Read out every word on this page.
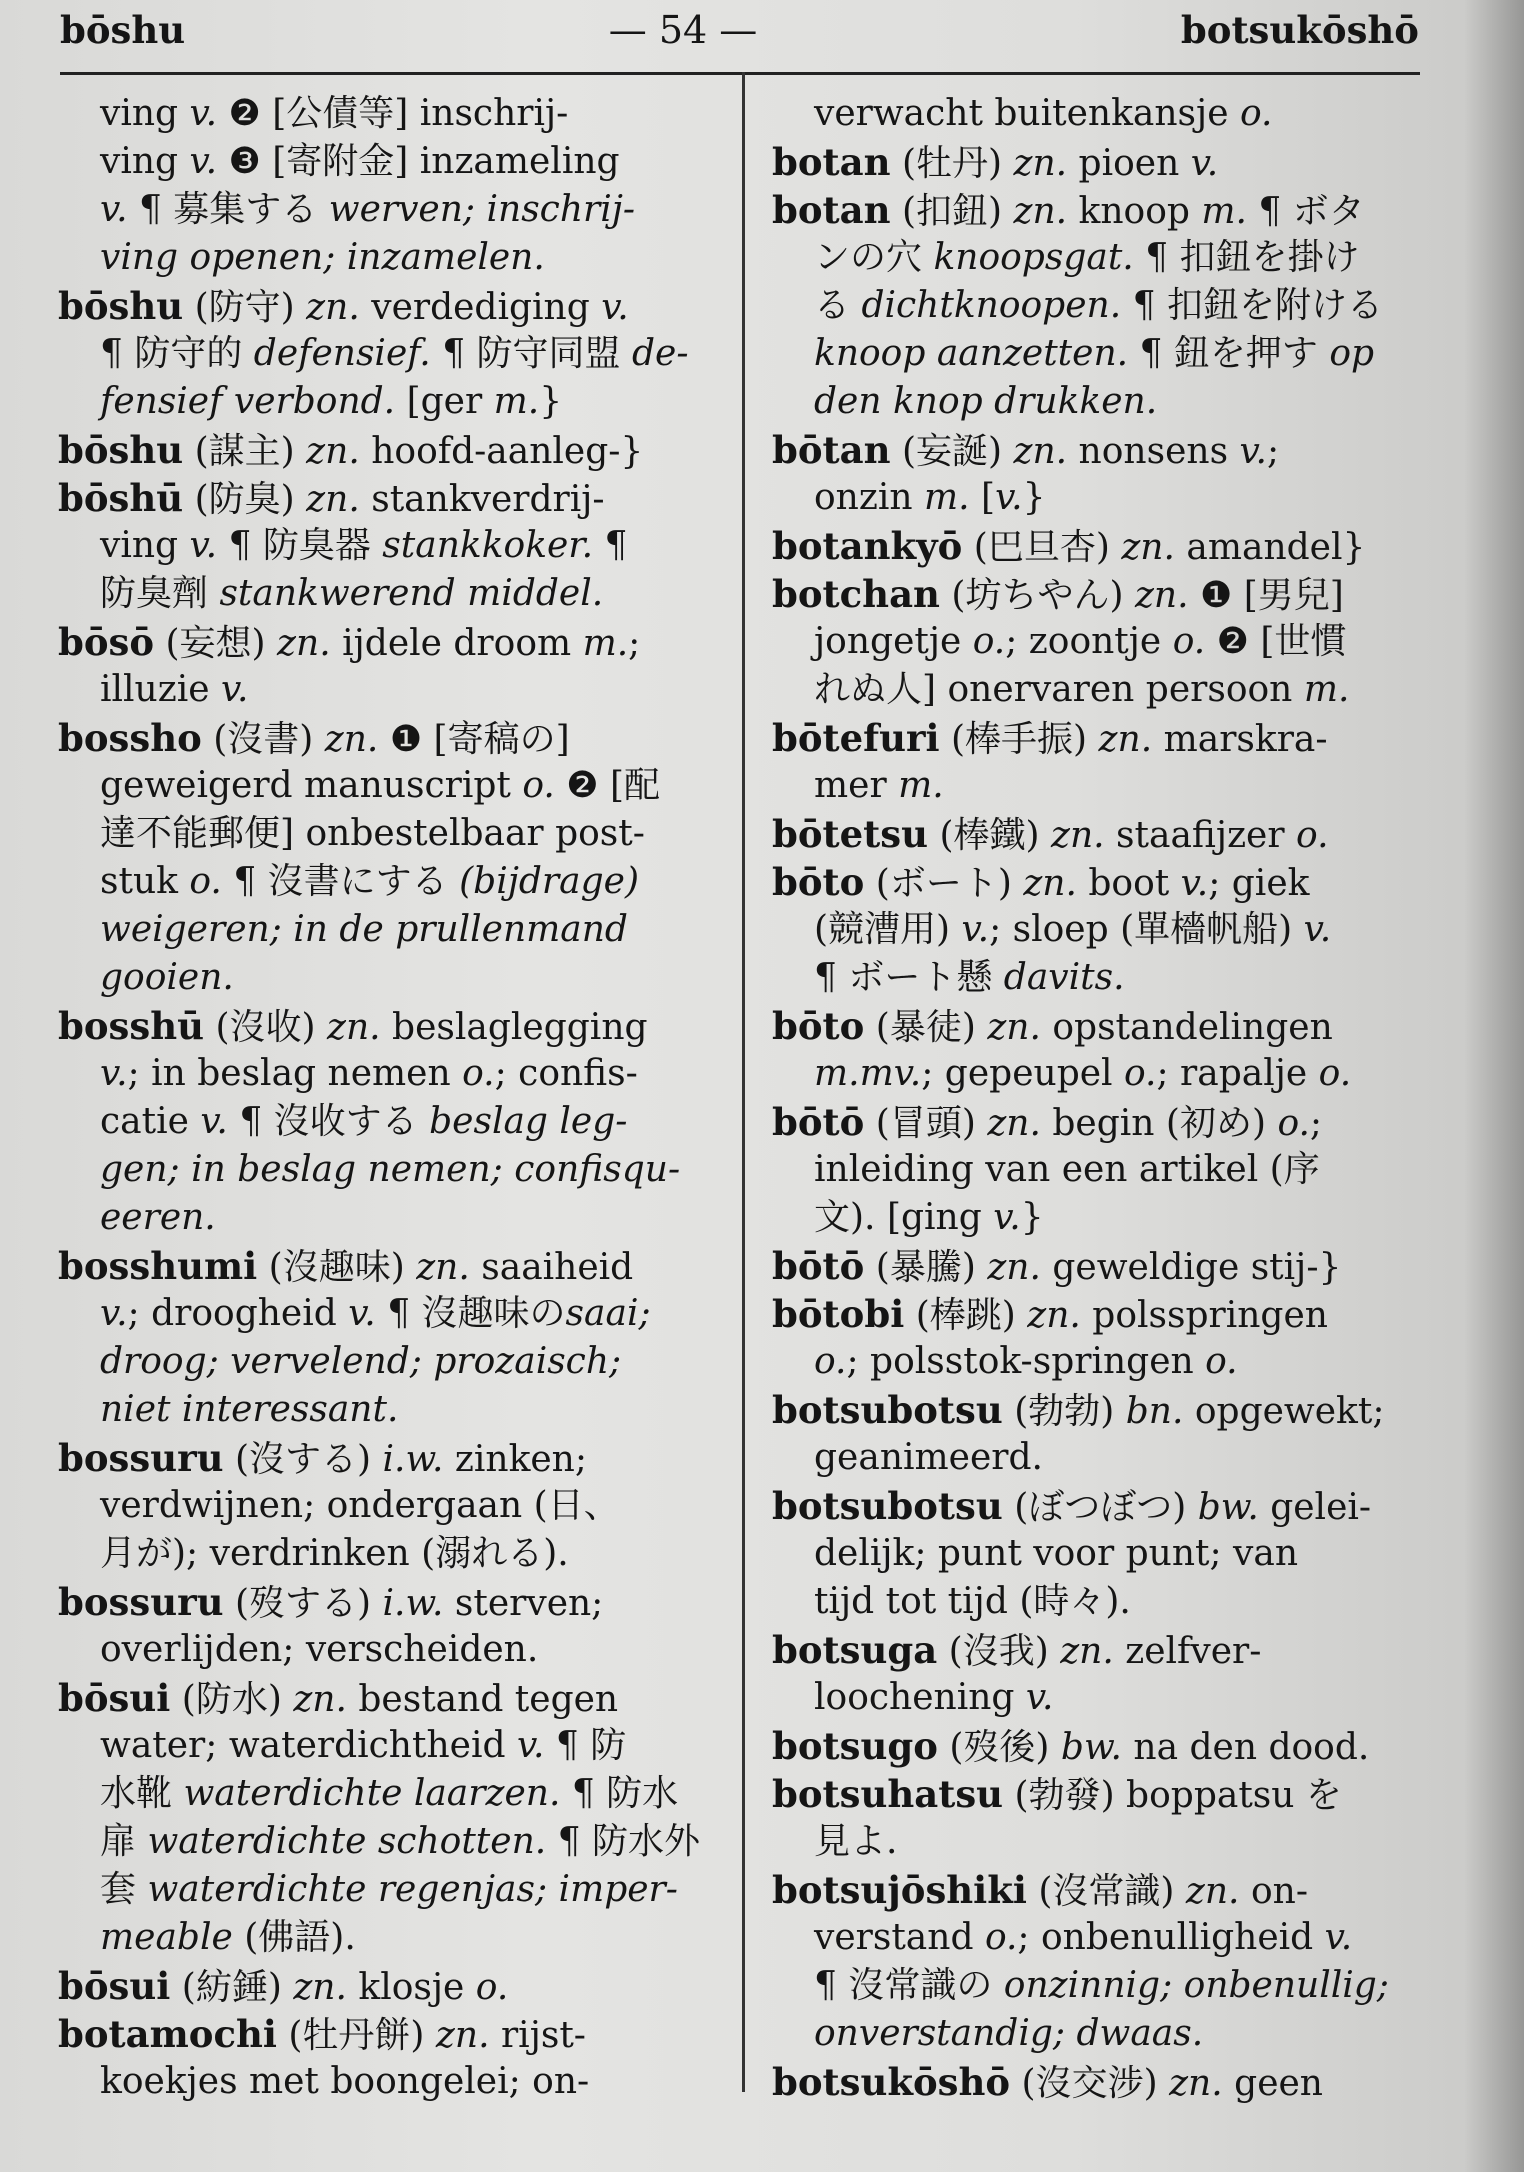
bōshu	— 54 —	botsukōshō
ving v. ❷ [公債等] inschrij-
ving v. ❸ [寄附金] inzameling
v. ¶ 募集する werven; inschrij-
ving openen; inzamelen.
bōshu (防守) zn. verdediging v.
¶ 防守的 defensief. ¶ 防守同盟 de-
fensief verbond. [ger m.}
bōshu (謀主) zn. hoofd-aanleg-}
bōshū (防臭) zn. stankverdrij-
ving v. ¶ 防臭器 stankkoker. ¶
防臭劑 stankwerend middel.
bōsō (妄想) zn. ijdele droom m.;
illuzie v.
bossho (沒書) zn. ❶ [寄稿の]
geweigerd manuscript o. ❷ [配
達不能郵便] onbestelbaar post-
stuk o. ¶ 沒書にする (bijdrage)
weigeren; in de prullenmand
gooien.
bosshū (沒收) zn. beslaglegging
v.; in beslag nemen o.; confis-
catie v. ¶ 沒收する beslag leg-
gen; in beslag nemen; confisqu-
eeren.
bosshumi (沒趣味) zn. saaiheid
v.; droogheid v. ¶ 沒趣味のsaai;
droog; vervelend; prozaisch;
niet interessant.
bossuru (沒する) i.w. zinken;
verdwijnen; ondergaan (日、
月が); verdrinken (溺れる).
bossuru (歿する) i.w. sterven;
overlijden; verscheiden.
bōsui (防水) zn. bestand tegen
water; waterdichtheid v. ¶ 防
水靴 waterdichte laarzen. ¶ 防水
扉 waterdichte schotten. ¶ 防水外
套 waterdichte regenjas; imper-
meable (佛語).
bōsui (紡錘) zn. klosje o.
botamochi (牡丹餅) zn. rijst-
koekjes met boongelei; on-
verwacht buitenkansje o.
botan (牡丹) zn. pioen v.
botan (扣鈕) zn. knoop m. ¶ ボタ
ンの穴 knoopsgat. ¶ 扣鈕を掛け
る dichtknoopen. ¶ 扣鈕を附ける
knoop aanzetten. ¶ 鈕を押す op
den knop drukken.
bōtan (妄誕) zn. nonsens v.;
onzin m. [v.}
botankyō (巴旦杏) zn. amandel}
botchan (坊ちやん) zn. ❶ [男兒]
jongetje o.; zoontje o. ❷ [世慣
れぬ人] onervaren persoon m.
bōtefuri (棒手振) zn. marskra-
mer m.
bōtetsu (棒鐵) zn. staafijzer o.
bōto (ボート) zn. boot v.; giek
(競漕用) v.; sloep (單檣帆船) v.
¶ ボート懸 davits.
bōto (暴徒) zn. opstandelingen
m.mv.; gepeupel o.; rapalje o.
bōtō (冒頭) zn. begin (初め) o.;
inleiding van een artikel (序
文). [ging v.}
bōtō (暴騰) zn. geweldige stij-}
bōtobi (棒跳) zn. polsspringen
o.; polsstok-springen o.
botsubotsu (勃勃) bn. opgewekt;
geanimeerd.
botsubotsu (ぼつぼつ) bw. gelei-
delijk; punt voor punt; van
tijd tot tijd (時々).
botsuga (沒我) zn. zelfver-
loochening v.
botsugo (歿後) bw. na den dood.
botsuhatsu (勃發) boppatsu を
見よ.
botsujōshiki (沒常識) zn. on-
verstand o.; onbenulligheid v.
¶ 沒常識の onzinnig; onbenullig;
onverstandig; dwaas.
botsukōshō (沒交涉) zn. geen
